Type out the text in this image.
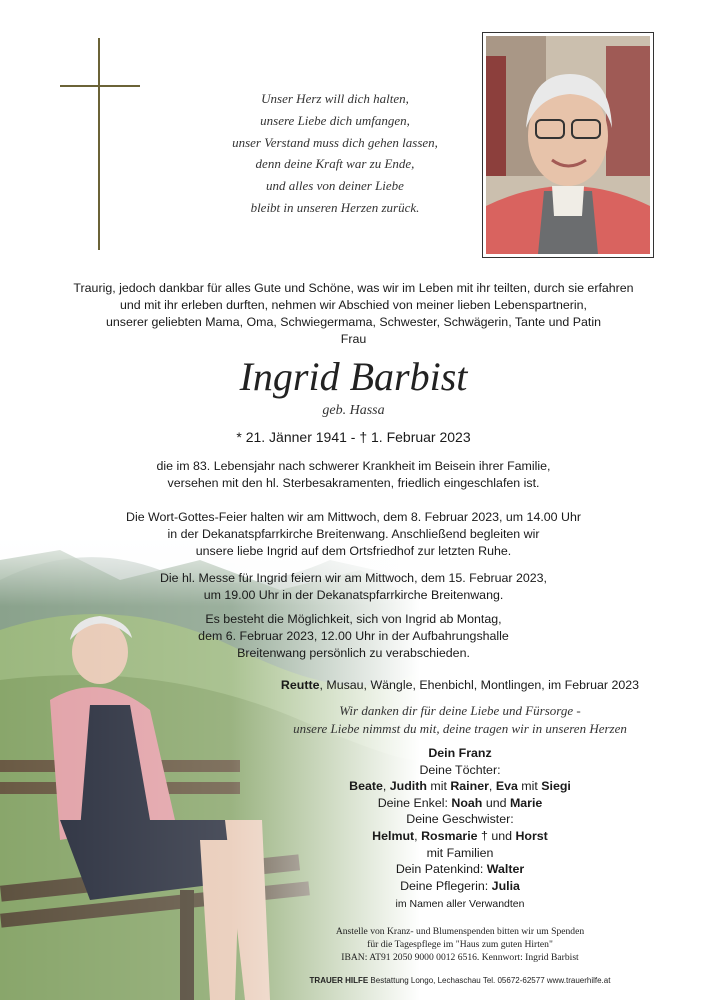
Unser Herz will dich halten,
unsere Liebe dich umfangen,
unser Verstand muss dich gehen lassen,
denn deine Kraft war zu Ende,
und alles von deiner Liebe
bleibt in unseren Herzen zurück.
Traurig, jedoch dankbar für alles Gute und Schöne, was wir im Leben mit ihr teilten, durch sie erfahren
und mit ihr erleben durften, nehmen wir Abschied von meiner lieben Lebenspartnerin,
unserer geliebten Mama, Oma, Schwiegermama, Schwester, Schwägerin, Tante und Patin
Frau
Ingrid Barbist
geb. Hassa
* 21. Jänner 1941 - † 1. Februar 2023
die im 83. Lebensjahr nach schwerer Krankheit im Beisein ihrer Familie,
versehen mit den hl. Sterbesakramenten, friedlich eingeschlafen ist.
Die Wort-Gottes-Feier halten wir am Mittwoch, dem 8. Februar 2023, um 14.00 Uhr
in der Dekanatspfarrkirche Breitenwang. Anschließend begleiten wir
unsere liebe Ingrid auf dem Ortsfriedhof zur letzten Ruhe.
Die hl. Messe für Ingrid feiern wir am Mittwoch, dem 15. Februar 2023,
um 19.00 Uhr in der Dekanatspfarrkirche Breitenwang.
Es besteht die Möglichkeit, sich von Ingrid ab Montag,
dem 6. Februar 2023, 12.00 Uhr in der Aufbahrungshalle
Breitenwang persönlich zu verabschieden.
Reutte, Musau, Wängle, Ehenbichl, Montlingen, im Februar 2023
Wir danken dir für deine Liebe und Fürsorge -
unsere Liebe nimmst du mit, deine tragen wir in unseren Herzen
Dein Franz
Deine Töchter:
Beate, Judith mit Rainer, Eva mit Siegi
Deine Enkel: Noah und Marie
Deine Geschwister:
Helmut, Rosmarie † und Horst
mit Familien
Dein Patenkind: Walter
Deine Pflegerin: Julia
im Namen aller Verwandten
Anstelle von Kranz- und Blumenspenden bitten wir um Spenden
für die Tagespflege im "Haus zum guten Hirten"
IBAN: AT91 2050 9000 0012 6516. Kennwort: Ingrid Barbist
TRAUER HILFE Bestattung Longo, Lechaschau Tel. 05672-62577 www.trauerhilfe.at
